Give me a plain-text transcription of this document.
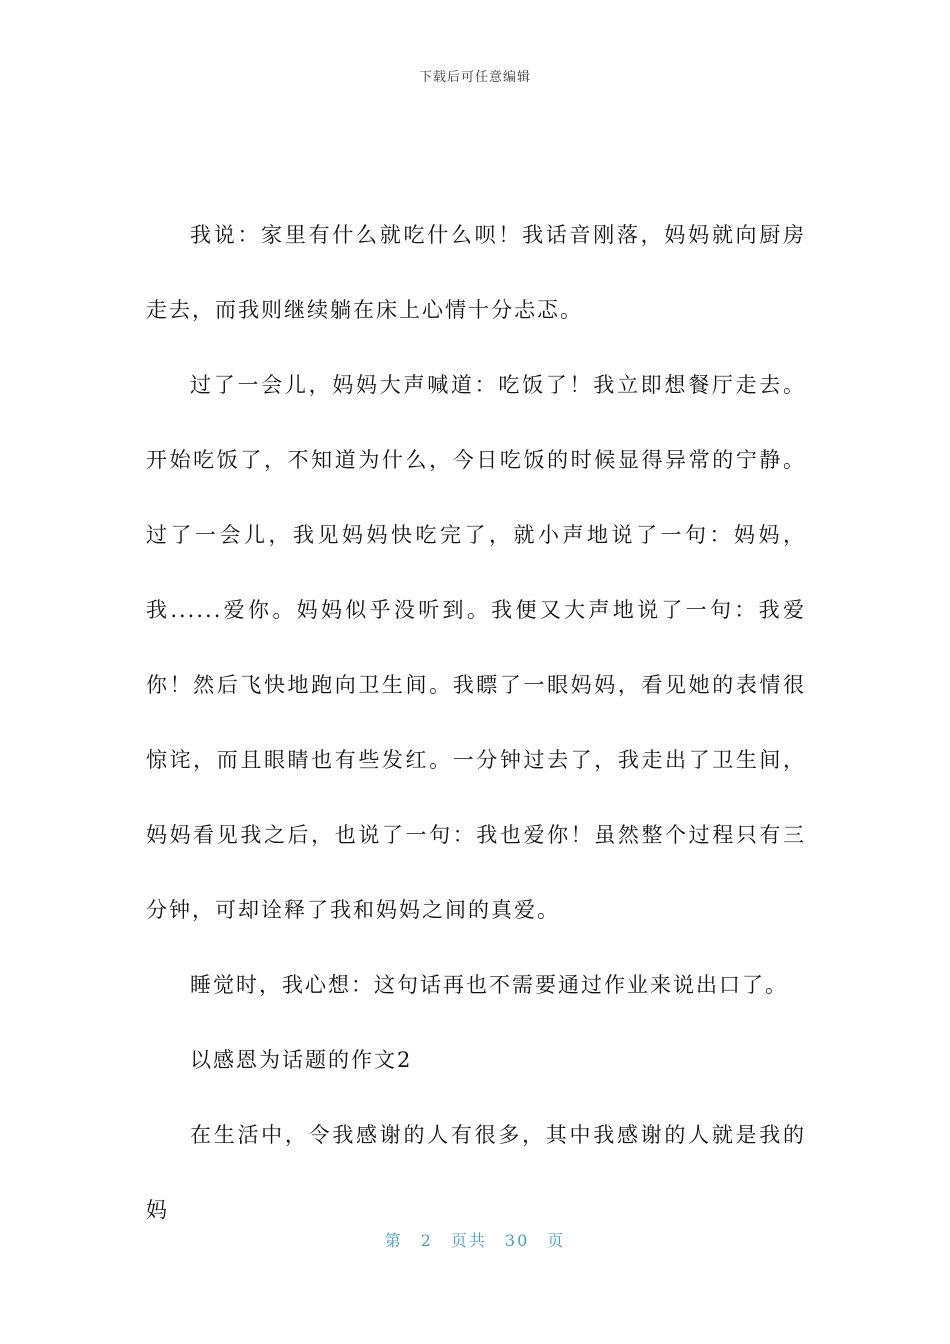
下载后可任意编辑

我说：家里有什么就吃什么呗！我话音刚落，妈妈就向厨房走去，而我则继续躺在床上心情十分忐忑。

过了一会儿，妈妈大声喊道：吃饭了！我立即想餐厅走去。开始吃饭了，不知道为什么，今日吃饭的时候显得异常的宁静。过了一会儿，我见妈妈快吃完了，就小声地说了一句：妈妈，我......爱你。妈妈似乎没听到。我便又大声地说了一句：我爱你！然后飞快地跑向卫生间。我瞟了一眼妈妈，看见她的表情很惊诧，而且眼睛也有些发红。一分钟过去了，我走出了卫生间，妈妈看见我之后，也说了一句：我也爱你！虽然整个过程只有三分钟，可却诠释了我和妈妈之间的真爱。

睡觉时，我心想：这句话再也不需要通过作业来说出口了。

以感恩为话题的作文2

在生活中，令我感谢的人有很多，其中我感谢的人就是我的妈

第 2 页共 30 页
